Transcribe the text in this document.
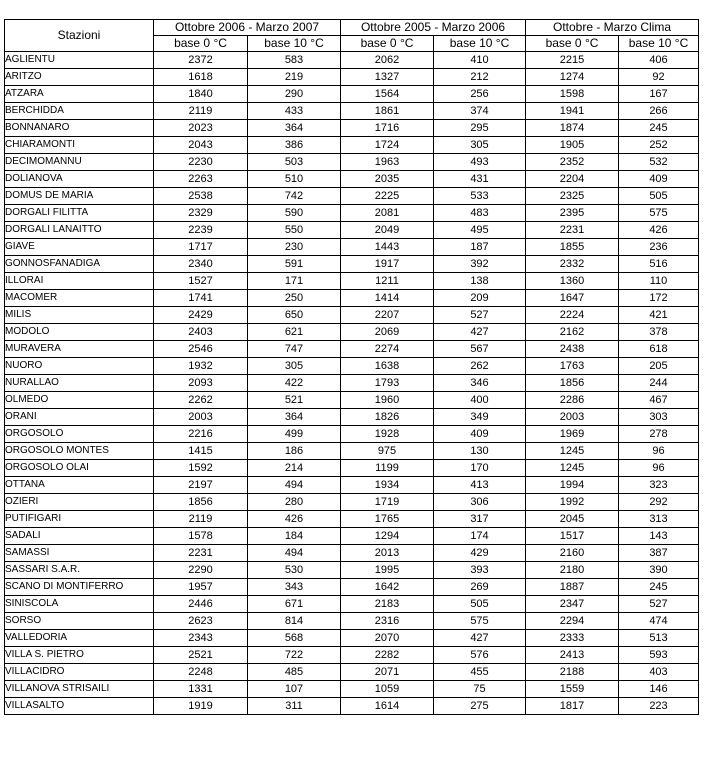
Stazioni	Ottobre 2006 - Marzo 2007		Ottobre 2005 - Marzo 2006		Ottobre - Marzo Clima	
	base 0 °C	base 10 °C	base 0 °C	base 10 °C	base 0 °C	base 10 °C
AGLIENTU	2372	583	2062	410	2215	406
ARITZO	1618	219	1327	212	1274	92
ATZARA	1840	290	1564	256	1598	167
BERCHIDDA	2119	433	1861	374	1941	266
BONNANARO	2023	364	1716	295	1874	245
CHIARAMONTI	2043	386	1724	305	1905	252
DECIMOMANNU	2230	503	1963	493	2352	532
DOLIANOVA	2263	510	2035	431	2204	409
DOMUS DE MARIA	2538	742	2225	533	2325	505
DORGALI FILITTA	2329	590	2081	483	2395	575
DORGALI LANAITTO	2239	550	2049	495	2231	426
GIAVE	1717	230	1443	187	1855	236
GONNOSFANADIGA	2340	591	1917	392	2332	516
ILLORAI	1527	171	1211	138	1360	110
MACOMER	1741	250	1414	209	1647	172
MILIS	2429	650	2207	527	2224	421
MODOLO	2403	621	2069	427	2162	378
MURAVERA	2546	747	2274	567	2438	618
NUORO	1932	305	1638	262	1763	205
NURALLAO	2093	422	1793	346	1856	244
OLMEDO	2262	521	1960	400	2286	467
ORANI	2003	364	1826	349	2003	303
ORGOSOLO	2216	499	1928	409	1969	278
ORGOSOLO MONTES	1415	186	975	130	1245	96
ORGOSOLO OLAI	1592	214	1199	170	1245	96
OTTANA	2197	494	1934	413	1994	323
OZIERI	1856	280	1719	306	1992	292
PUTIFIGARI	2119	426	1765	317	2045	313
SADALI	1578	184	1294	174	1517	143
SAMASSI	2231	494	2013	429	2160	387
SASSARI S.A.R.	2290	530	1995	393	2180	390
SCANO DI MONTIFERRO	1957	343	1642	269	1887	245
SINISCOLA	2446	671	2183	505	2347	527
SORSO	2623	814	2316	575	2294	474
VALLEDORIA	2343	568	2070	427	2333	513
VILLA S. PIETRO	2521	722	2282	576	2413	593
VILLACIDRO	2248	485	2071	455	2188	403
VILLANOVA STRISAILI	1331	107	1059	75	1559	146
VILLASALTO	1919	311	1614	275	1817	223
